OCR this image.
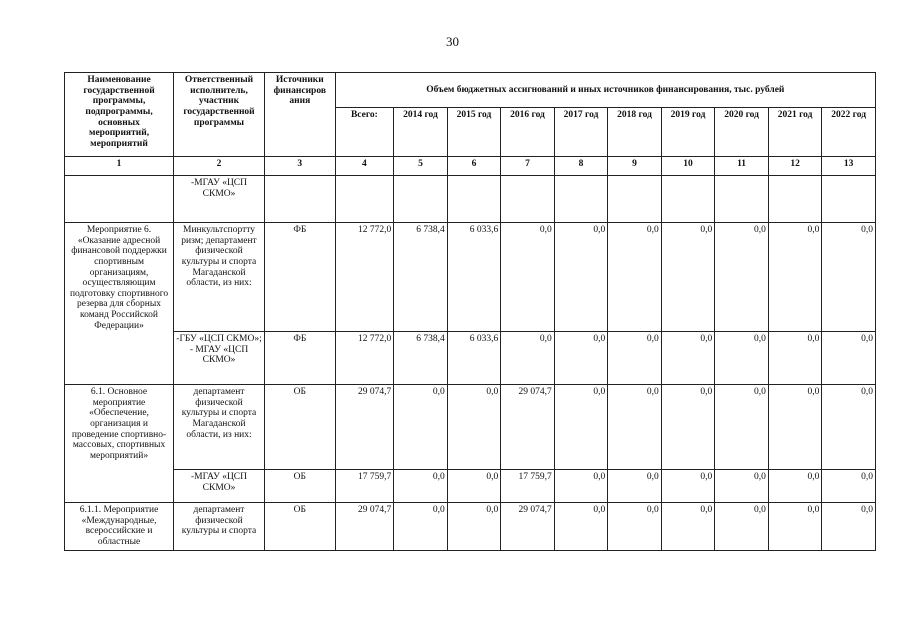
30
Наименование государственной программы, подпрограммы, основных мероприятий, мероприятий	Ответственный исполнитель, участник государственной программы	Источники финансиров ания	Объем бюджетных ассигнований и иных источников финансирования, тыс. рублей									
			Всего:	2014 год	2015 год	2016 год	2017 год	2018 год	2019 год	2020 год	2021 год	2022 год
1	2	3	4	5	6	7	8	9	10	11	12	13
	-МГАУ «ЦСП СКМО»											
Мероприятие 6. «Оказание адресной финансовой поддержки спортивным организациям, осуществляющим подготовку спортивного резерва для сборных команд Российской Федерации»	Минкультспортту ризм; департамент физической культуры и спорта Магаданской области, из них:	ФБ	12 772,0	6 738,4	6 033,6	0,0	0,0	0,0	0,0	0,0	0,0	0,0
	-ГБУ «ЦСП СКМО»; - МГАУ «ЦСП СКМО»	ФБ	12 772,0	6 738,4	6 033,6	0,0	0,0	0,0	0,0	0,0	0,0	0,0
6.1. Основное мероприятие «Обеспечение, организация и проведение спортивно-массовых, спортивных мероприятий»	департамент физической культуры и спорта Магаданской области, из них:	ОБ	29 074,7	0,0	0,0	29 074,7	0,0	0,0	0,0	0,0	0,0	0,0
	-МГАУ «ЦСП СКМО»	ОБ	17 759,7	0,0	0,0	17 759,7	0,0	0,0	0,0	0,0	0,0	0,0
6.1.1. Мероприятие «Международные, всероссийские и областные	департамент физической культуры и спорта	ОБ	29 074,7	0,0	0,0	29 074,7	0,0	0,0	0,0	0,0	0,0	0,0
